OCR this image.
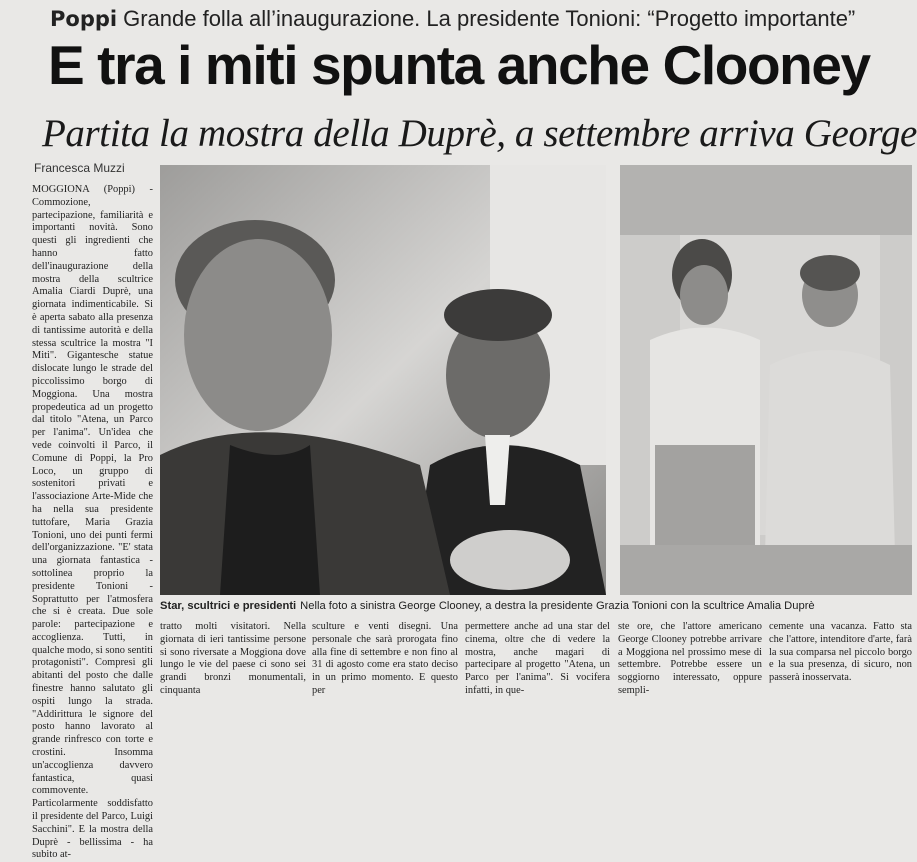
Poppi Grande folla all’inaugurazione. La presidente Tonioni: “Progetto importante”
E tra i miti spunta anche Clooney
Partita la mostra della Duprè, a settembre arriva George
Francesca Muzzi
Star, scultrici e presidenti Nella foto a sinistra George Clooney, a destra la presidente Grazia Tonioni con la scultrice Amalia Duprè
MOGGIONA (Poppi) - Commozione, partecipazione, familiarità e importanti novità. Sono questi gli ingredienti che hanno fatto dell'inaugurazione della mostra della scultrice Amalia Ciardi Duprè, una giornata indimenticabile. Si è aperta sabato alla presenza di tantissime autorità e della stessa scultrice la mostra "I Miti". Gigantesche statue dislocate lungo le strade del piccolissimo borgo di Moggiona. Una mostra propedeutica ad un progetto dal titolo "Atena, un Parco per l'anima". Un'idea che vede coinvolti il Parco, il Comune di Poppi, la Pro Loco, un gruppo di sostenitori privati e l'associazione Arte-Mide che ha nella sua presidente tuttofare, Maria Grazia Tonioni, uno dei punti fermi dell'organizzazione. "E' stata una giornata fantastica - sottolinea proprio la presidente Tonioni - Soprattutto per l'atmosfera che si è creata. Due sole parole: partecipazione e accoglienza. Tutti, in qualche modo, si sono sentiti protagonisti". Compresi gli abitanti del posto che dalle finestre hanno salutato gli ospiti lungo la strada. "Addirittura le signore del posto hanno lavorato al grande rinfresco con torte e crostini. Insomma un'accoglienza davvero fantastica, quasi commovente. Particolarmente soddisfatto il presidente del Parco, Luigi Sacchini". E la mostra della Duprè - bellissima - ha subito at-
tratto molti visitatori. Nella giornata di ieri tantissime persone si sono riversate a Moggiona dove lungo le vie del paese ci sono sei grandi bronzi monumentali, cinquanta
sculture e venti disegni. Una personale che sarà prorogata fino alla fine di settembre e non fino al 31 di agosto come era stato deciso in un primo momento. E questo per
permettere anche ad una star del cinema, oltre che di vedere la mostra, anche magari di partecipare al progetto "Atena, un Parco per l'anima". Si vocifera infatti, in que-
ste ore, che l'attore americano George Clooney potrebbe arrivare a Moggiona nel prossimo mese di settembre. Potrebbe essere un soggiorno interessato, oppure sempli-
cemente una vacanza. Fatto sta che l'attore, intenditore d'arte, farà la sua comparsa nel piccolo borgo e la sua presenza, di sicuro, non passerà inosservata.
